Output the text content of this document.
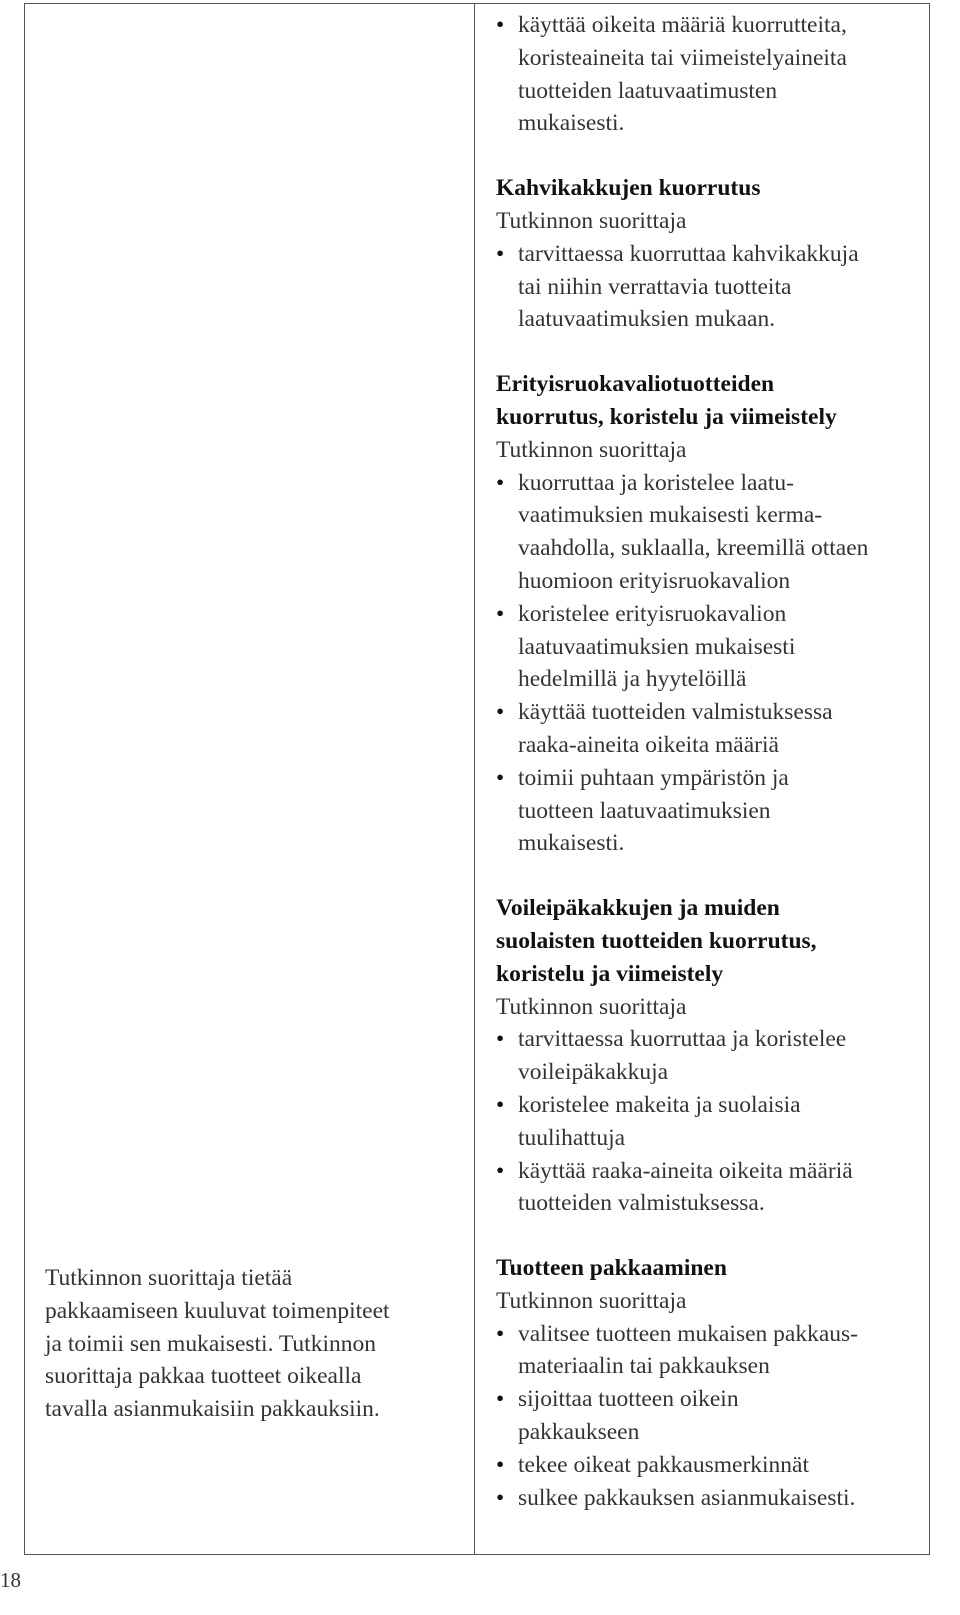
Tutkinnon suorittaja tietää
pakkaamiseen kuuluvat toimenpiteet
ja toimii sen mukaisesti. Tutkinnon
suorittaja pakkaa tuotteet oikealla
tavalla asianmukaisiin pakkauksiin.
• käyttää oikeita määriä kuorrutteita,
koristeaineita tai viimeistelyaineita
tuotteiden laatuvaatimusten
mukaisesti.
Kahvikakkujen kuorrutus
Tutkinnon suorittaja
• tarvittaessa kuorruttaa kahvikakkuja
tai niihin verrattavia tuotteita
laatuvaatimuksien mukaan.
Erityisruokavaliotuotteiden
kuorrutus, koristelu ja viimeistely
Tutkinnon suorittaja
• kuorruttaa ja koristelee laatu-
vaatimuksien mukaisesti kerma-
vaahdolla, suklaalla, kreemillä ottaen
huomioon erityisruokavalion
• koristelee erityisruokavalion
laatuvaatimuksien mukaisesti
hedelmillä ja hyytelöillä
• käyttää tuotteiden valmistuksessa
raaka-aineita oikeita määriä
• toimii puhtaan ympäristön ja
tuotteen laatuvaatimuksien
mukaisesti.
Voileipäkakkujen ja muiden
suolaisten tuotteiden kuorrutus,
koristelu ja viimeistely
Tutkinnon suorittaja
• tarvittaessa kuorruttaa ja koristelee
voileipäkakkuja
• koristelee makeita ja suolaisia
tuulihattuja
• käyttää raaka-aineita oikeita määriä
tuotteiden valmistuksessa.
Tuotteen pakkaaminen
Tutkinnon suorittaja
• valitsee tuotteen mukaisen pakkaus-
materiaalin tai pakkauksen
• sijoittaa tuotteen oikein
pakkaukseen
• tekee oikeat pakkausmerkinnät
• sulkee pakkauksen asianmukaisesti.
18
